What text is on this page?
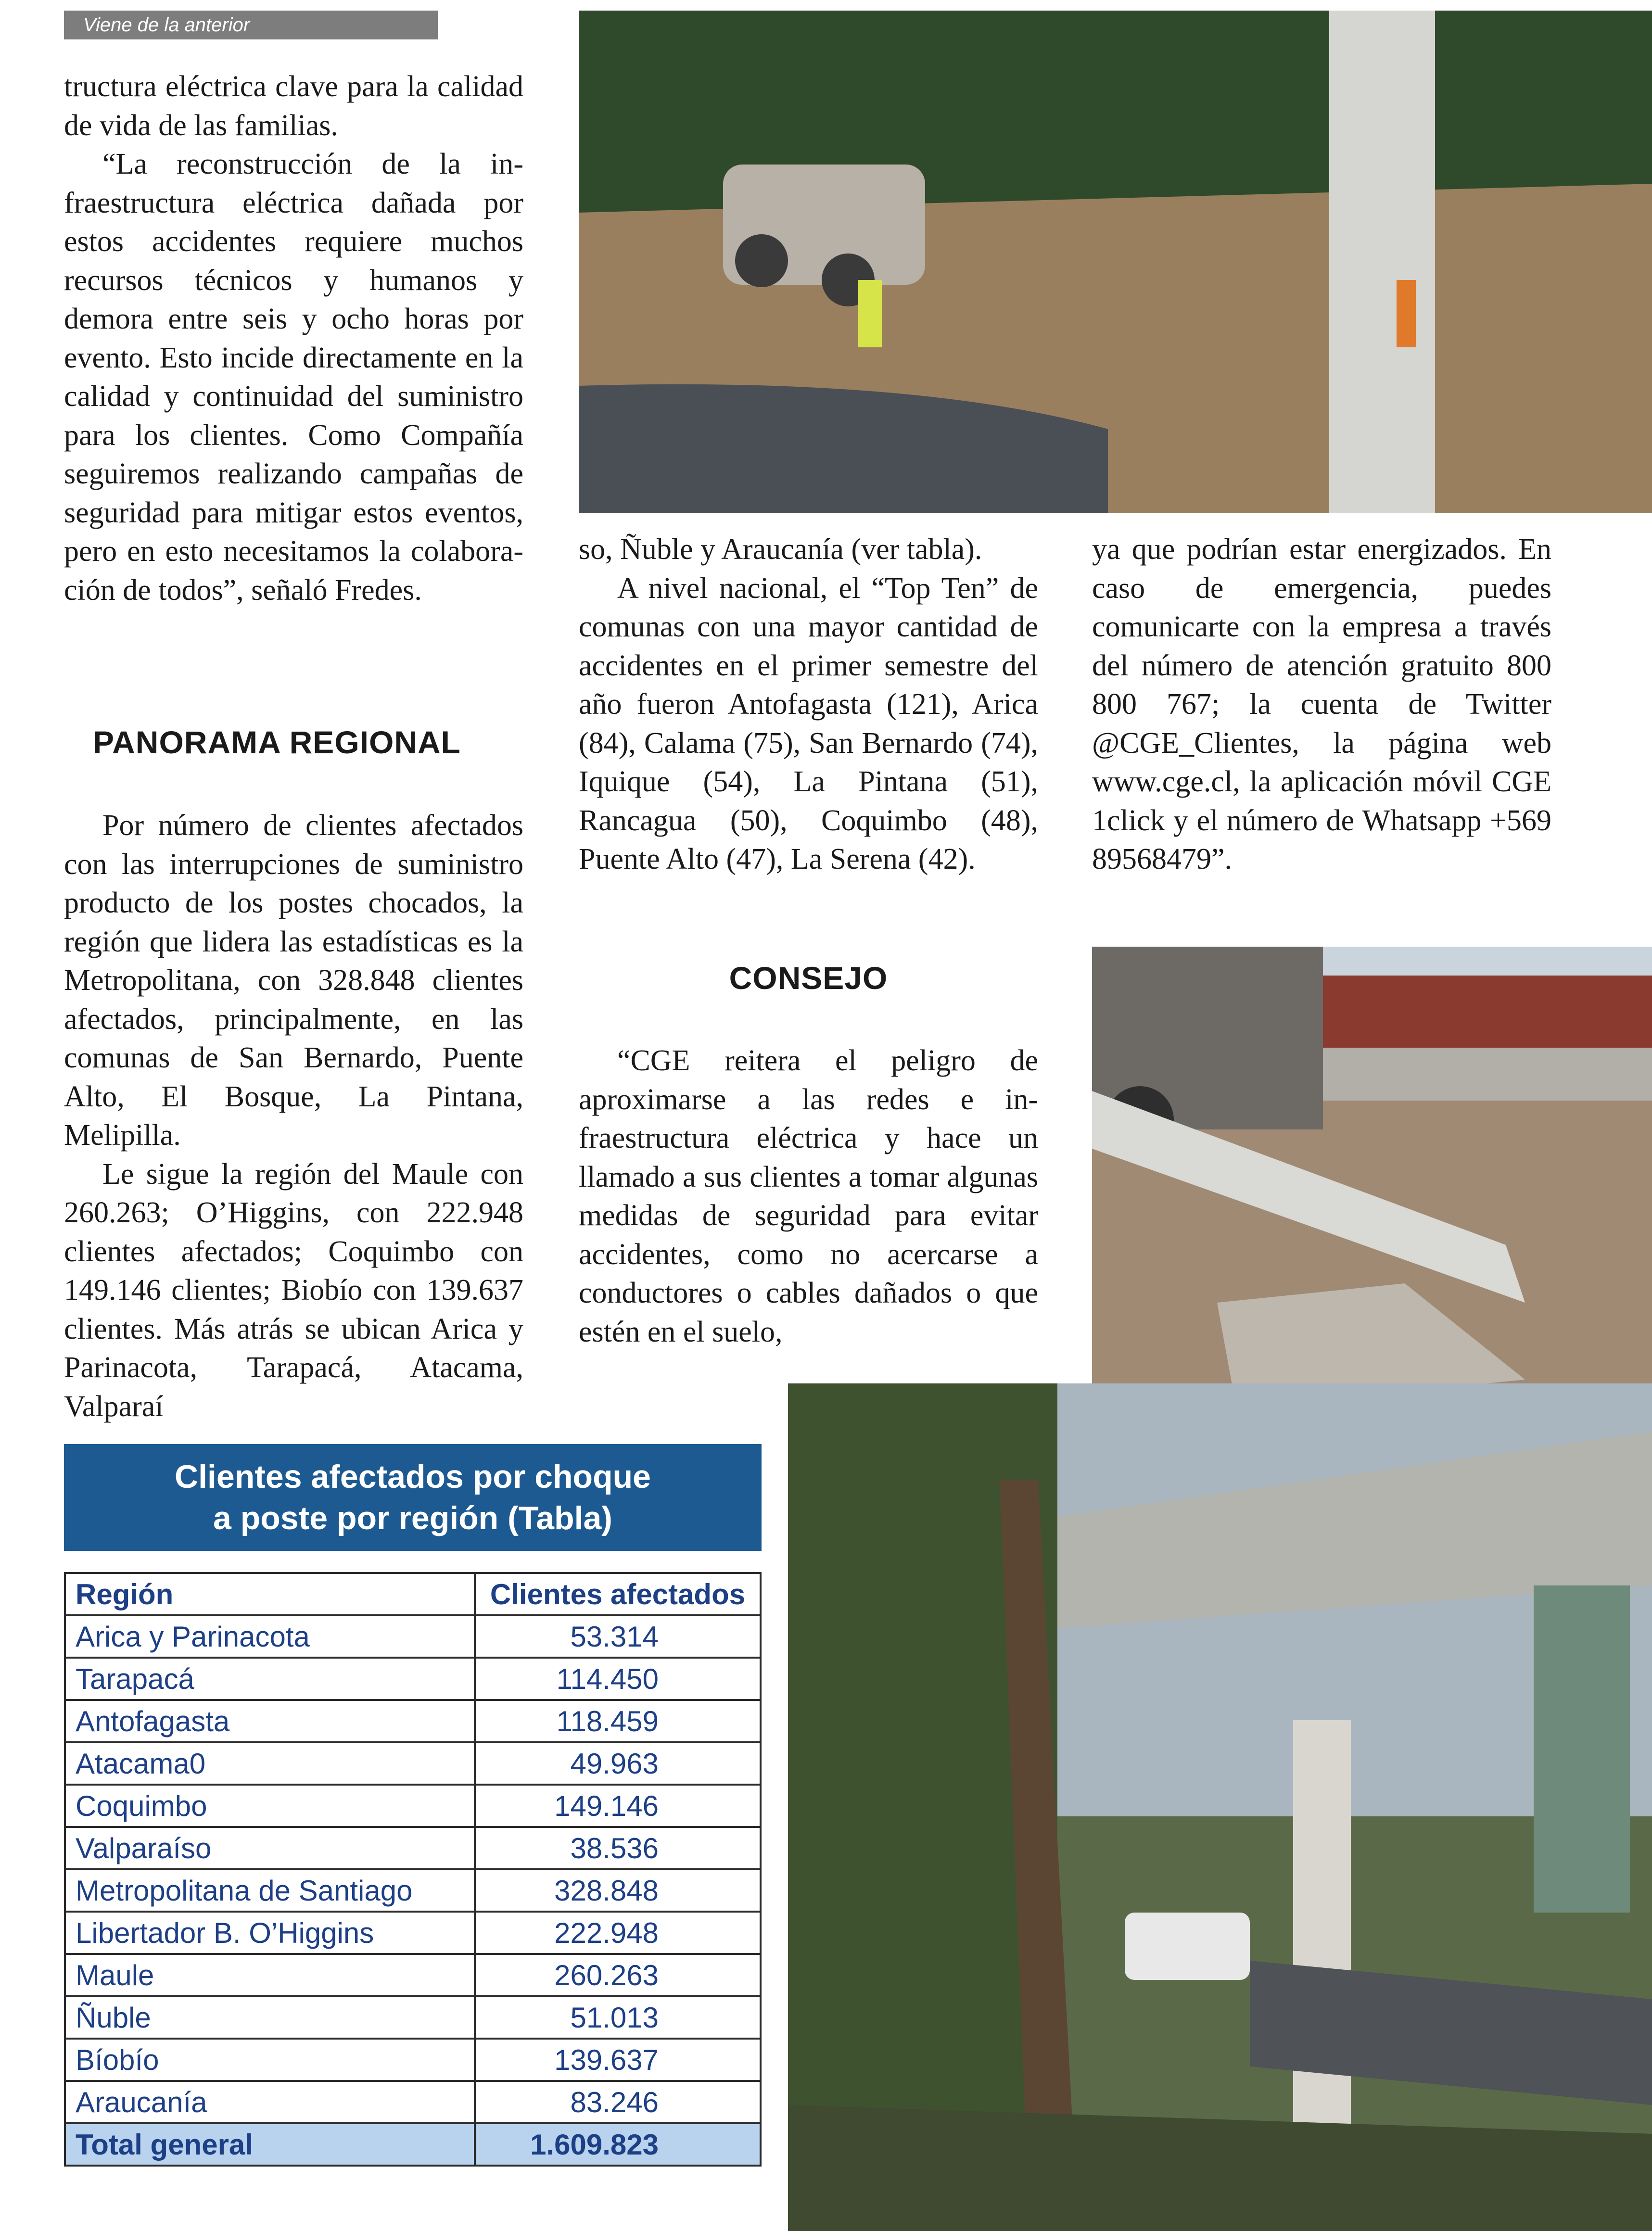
Viene de la anterior

tructura eléctrica clave para la calidad de vida de las familias.

“La reconstrucción de la infraestructura eléctrica dañada por estos accidentes requiere muchos recursos técnicos y humanos y demora entre seis y ocho horas por evento. Esto incide directamente en la calidad y continuidad del suministro para los clientes. Como Compañía seguiremos realizando campañas de seguridad para mitigar estos eventos, pero en esto necesitamos la colaboración de todos”, señaló Fredes.

PANORAMA REGIONAL

Por número de clientes afectados con las interrupciones de suministro producto de los postes chocados, la región que lidera las estadísticas es la Metropolitana, con 328.848 clientes afectados, principalmente, en las comunas de San Bernardo, Puente Alto, El Bosque, La Pintana, Melipilla.

Le sigue la región del Maule con 260.263; O’Higgins, con 222.948 clientes afectados; Coquimbo con 149.146 clientes; Biobío con 139.637 clientes. Más atrás se ubican Arica y Parinacota, Tarapacá, Atacama, Valparaí

so, Ñuble y Araucanía (ver tabla).

A nivel nacional, el “Top Ten” de comunas con una mayor cantidad de accidentes en el primer semestre del año fueron Antofagasta (121), Arica (84), Calama (75), San Bernardo (74), Iquique (54), La Pintana (51), Rancagua (50), Coquimbo (48), Puente Alto (47), La Serena (42).

CONSEJO

“CGE reitera el peligro de aproximarse a las redes e infraestructura eléctrica y hace un llamado a sus clientes a tomar algunas medidas de seguridad para evitar accidentes, como no acercarse a conductores o cables dañados o que estén en el suelo,

ya que podrían estar energizados. En caso de emergencia, puedes comunicarte con la empresa a través del número de atención gratuito 800 800 767; la cuenta de Twitter @CGE_Clientes, la página web www.cge.cl, la aplicación móvil CGE 1click y el número de Whatsapp +569 89568479”.

Clientes afectados por choque
a poste por región (Tabla)
Región	Clientes afectados
Arica y Parinacota	53.314
Tarapacá	114.450
Antofagasta	118.459
Atacama0	49.963
Coquimbo	149.146
Valparaíso	38.536
Metropolitana de Santiago	328.848
Libertador B. O’Higgins	222.948
Maule	260.263
Ñuble	51.013
Bíobío	139.637
Araucanía	83.246
Total general	1.609.823
